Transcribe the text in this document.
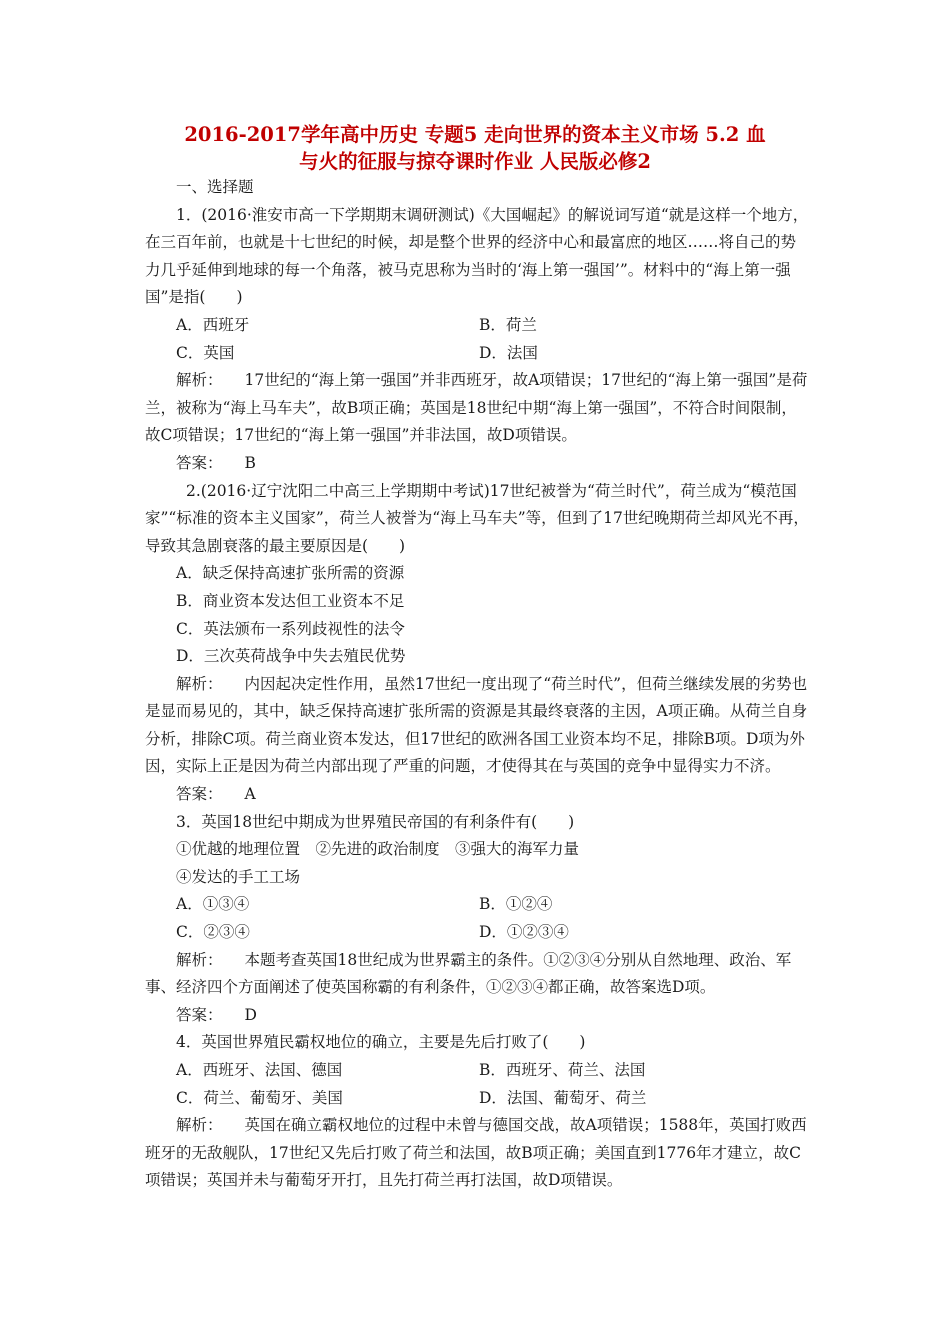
2016-2017学年高中历史 专题5 走向世界的资本主义市场 5.2 血
与火的征服与掠夺课时作业 人民版必修2

一、选择题

1．(2016·淮安市高一下学期期末调研测试)《大国崛起》的解说词写道“就是这样一个地方，在三百年前，也就是十七世纪的时候，却是整个世界的经济中心和最富庶的地区……将自己的势力几乎延伸到地球的每一个角落，被马克思称为当时的‘海上第一强国’”。材料中的“海上第一强国”是指(　　)

A．西班牙	B．荷兰
C．英国	D．法国

解析： 17世纪的“海上第一强国”并非西班牙，故A项错误；17世纪的“海上第一强国”是荷兰，被称为“海上马车夫”，故B项正确；英国是18世纪中期“海上第一强国”，不符合时间限制，故C项错误；17世纪的“海上第一强国”并非法国，故D项错误。

答案： B

2.(2016·辽宁沈阳二中高三上学期期中考试)17世纪被誉为“荷兰时代”，荷兰成为“模范国家”“标准的资本主义国家”，荷兰人被誉为“海上马车夫”等，但到了17世纪晚期荷兰却风光不再，导致其急剧衰落的最主要原因是(　　)

A．缺乏保持高速扩张所需的资源

B．商业资本发达但工业资本不足

C．英法颁布一系列歧视性的法令

D．三次英荷战争中失去殖民优势

解析： 内因起决定性作用，虽然17世纪一度出现了“荷兰时代”，但荷兰继续发展的劣势也是显而易见的，其中，缺乏保持高速扩张所需的资源是其最终衰落的主因，A项正确。从荷兰自身分析，排除C项。荷兰商业资本发达，但17世纪的欧洲各国工业资本均不足，排除B项。D项为外因，实际上正是因为荷兰内部出现了严重的问题，才使得其在与英国的竞争中显得实力不济。

答案： A

3．英国18世纪中期成为世界殖民帝国的有利条件有(　　)

①优越的地理位置　②先进的政治制度　③强大的海军力量

④发达的手工工场

A．①③④	B．①②④
C．②③④	D．①②③④

解析： 本题考查英国18世纪成为世界霸主的条件。①②③④分别从自然地理、政治、军事、经济四个方面阐述了使英国称霸的有利条件，①②③④都正确，故答案选D项。

答案： D

4．英国世界殖民霸权地位的确立，主要是先后打败了(　　)

A．西班牙、法国、德国	B．西班牙、荷兰、法国
C．荷兰、葡萄牙、美国	D．法国、葡萄牙、荷兰

解析： 英国在确立霸权地位的过程中未曾与德国交战，故A项错误；1588年，英国打败西班牙的无敌舰队，17世纪又先后打败了荷兰和法国，故B项正确；美国直到1776年才建立，故C项错误；英国并未与葡萄牙开打，且先打荷兰再打法国，故D项错误。
